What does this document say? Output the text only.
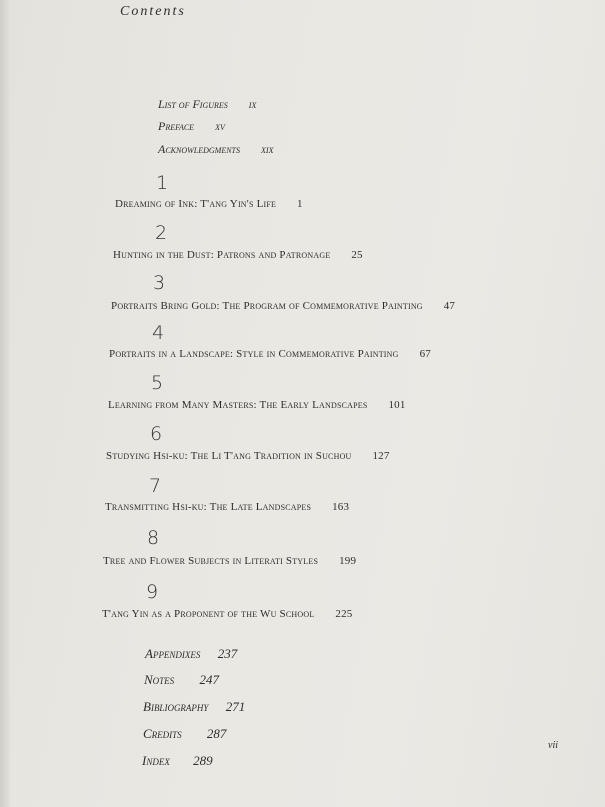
Contents
List of Figures ix
Preface xv
Acknowledgments xix
1
Dreaming of Ink: T'ang Yin's Life 1
2
Hunting in the Dust: Patrons and Patronage 25
3
Portraits Bring Gold: The Program of Commemorative Painting 47
4
Portraits in a Landscape: Style in Commemorative Painting 67
5
Learning from Many Masters: The Early Landscapes 101
6
Studying Hsi-ku: The Li T'ang Tradition in Suchou 127
7
Transmitting Hsi-ku: The Late Landscapes 163
8
Tree and Flower Subjects in Literati Styles 199
9
T'ang Yin as a Proponent of the Wu School 225
Appendixes 237
Notes 247
Bibliography 271
Credits 287
Index 289
vii
